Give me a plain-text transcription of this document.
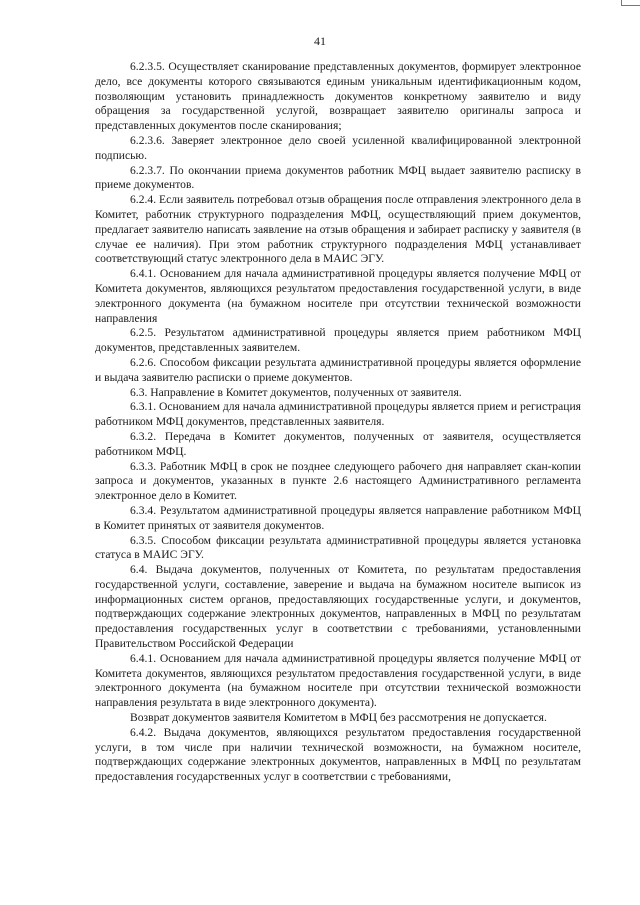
41

6.2.3.5. Осуществляет сканирование представленных документов, формирует электронное дело, все документы которого связываются единым уникальным идентификационным кодом, позволяющим установить принадлежность документов конкретному заявителю и виду обращения за государственной услугой, возвращает заявителю оригиналы запроса и представленных документов после сканирования;

6.2.3.6. Заверяет электронное дело своей усиленной квалифицированной электронной подписью.

6.2.3.7. По окончании приема документов работник МФЦ выдает заявителю расписку в приеме документов.

6.2.4. Если заявитель потребовал отзыв обращения после отправления электронного дела в Комитет, работник структурного подразделения МФЦ, осуществляющий прием документов, предлагает заявителю написать заявление на отзыв обращения и забирает расписку у заявителя (в случае ее наличия). При этом работник структурного подразделения МФЦ устанавливает соответствующий статус электронного дела в МАИС ЭГУ.

6.4.1. Основанием для начала административной процедуры является получение МФЦ от Комитета документов, являющихся результатом предоставления государственной услуги, в виде электронного документа (на бумажном носителе при отсутствии технической возможности направления

6.2.5. Результатом административной процедуры является прием работником МФЦ документов, представленных заявителем.

6.2.6. Способом фиксации результата административной процедуры является оформление и выдача заявителю расписки о приеме документов.

6.3. Направление в Комитет документов, полученных от заявителя.

6.3.1. Основанием для начала административной процедуры является прием и регистрация работником МФЦ документов, представленных заявителя.

6.3.2. Передача в Комитет документов, полученных от заявителя, осуществляется работником МФЦ.

6.3.3. Работник МФЦ в срок не позднее следующего рабочего дня направляет скан-копии запроса и документов, указанных в пункте 2.6 настоящего Административного регламента электронное дело в Комитет.

6.3.4. Результатом административной процедуры является направление работником МФЦ в Комитет принятых от заявителя документов.

6.3.5. Способом фиксации результата административной процедуры является установка статуса в МАИС ЭГУ.

6.4. Выдача документов, полученных от Комитета, по результатам предоставления государственной услуги, составление, заверение и выдача на бумажном носителе выписок из информационных систем органов, предоставляющих государственные услуги, и документов, подтверждающих содержание электронных документов, направленных в МФЦ по результатам предоставления государственных услуг в соответствии с требованиями, установленными Правительством Российской Федерации

6.4.1. Основанием для начала административной процедуры является получение МФЦ от Комитета документов, являющихся результатом предоставления государственной услуги, в виде электронного документа (на бумажном носителе при отсутствии технической возможности направления результата в виде электронного документа).

Возврат документов заявителя Комитетом в МФЦ без рассмотрения не допускается.

6.4.2. Выдача документов, являющихся результатом предоставления государственной услуги, в том числе при наличии технической возможности, на бумажном носителе, подтверждающих содержание электронных документов, направленных в МФЦ по результатам предоставления государственных услуг в соответствии с требованиями,
